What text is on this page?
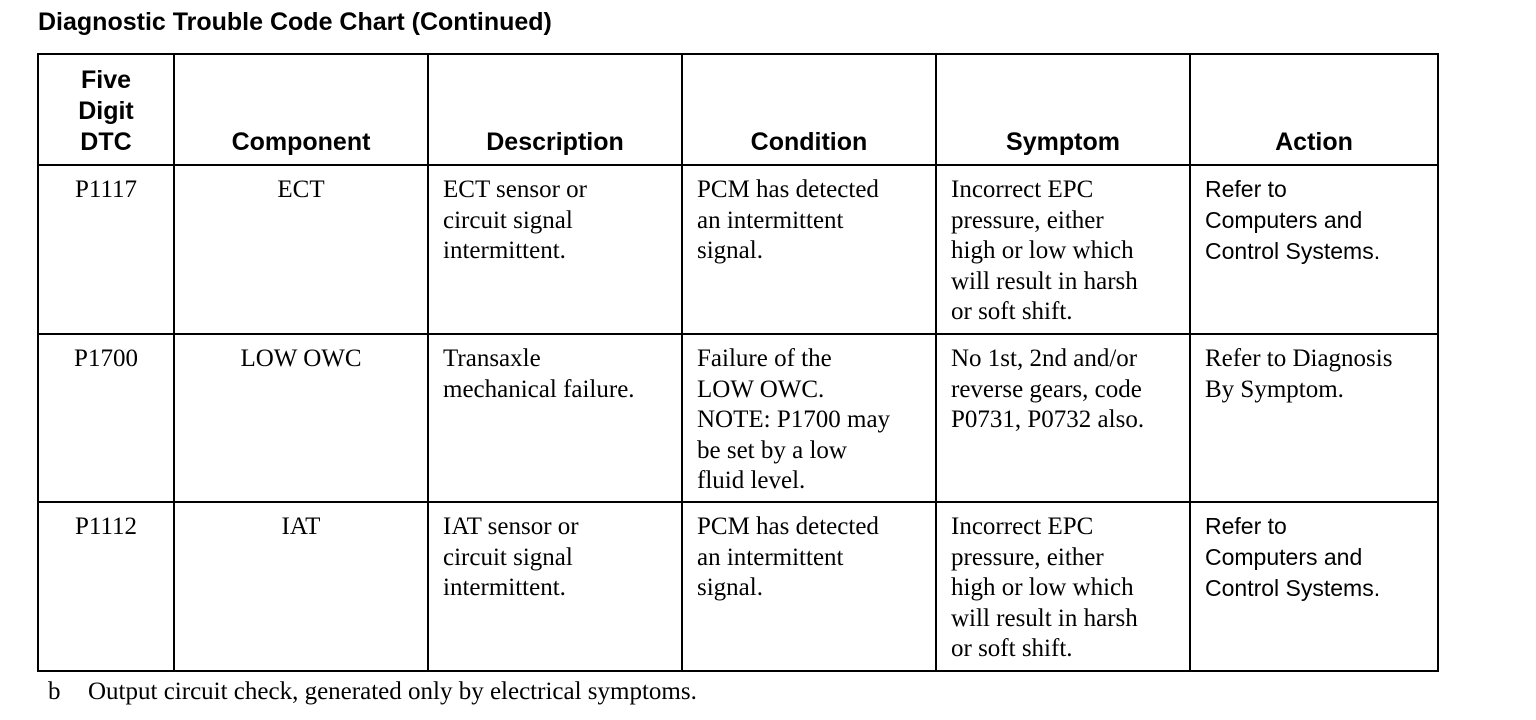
Diagnostic Trouble Code Chart (Continued)
Five
Digit
DTC	Component	Description	Condition	Symptom	Action

P1117	ECT	ECT sensor or
circuit signal
intermittent.	PCM has detected
an intermittent
signal.	Incorrect EPC
pressure, either
high or low which
will result in harsh
or soft shift.	Refer to
Computers and
Control Systems.

P1700	LOW OWC	Transaxle
mechanical failure.	Failure of the
LOW OWC.
NOTE: P1700 may
be set by a low
fluid level.	No 1st, 2nd and/or
reverse gears, code
P0731, P0732 also.	Refer to Diagnosis
By Symptom.

P1112	IAT	IAT sensor or
circuit signal
intermittent.	PCM has detected
an intermittent
signal.	Incorrect EPC
pressure, either
high or low which
will result in harsh
or soft shift.	Refer to
Computers and
Control Systems.
b Output circuit check, generated only by electrical symptoms.
